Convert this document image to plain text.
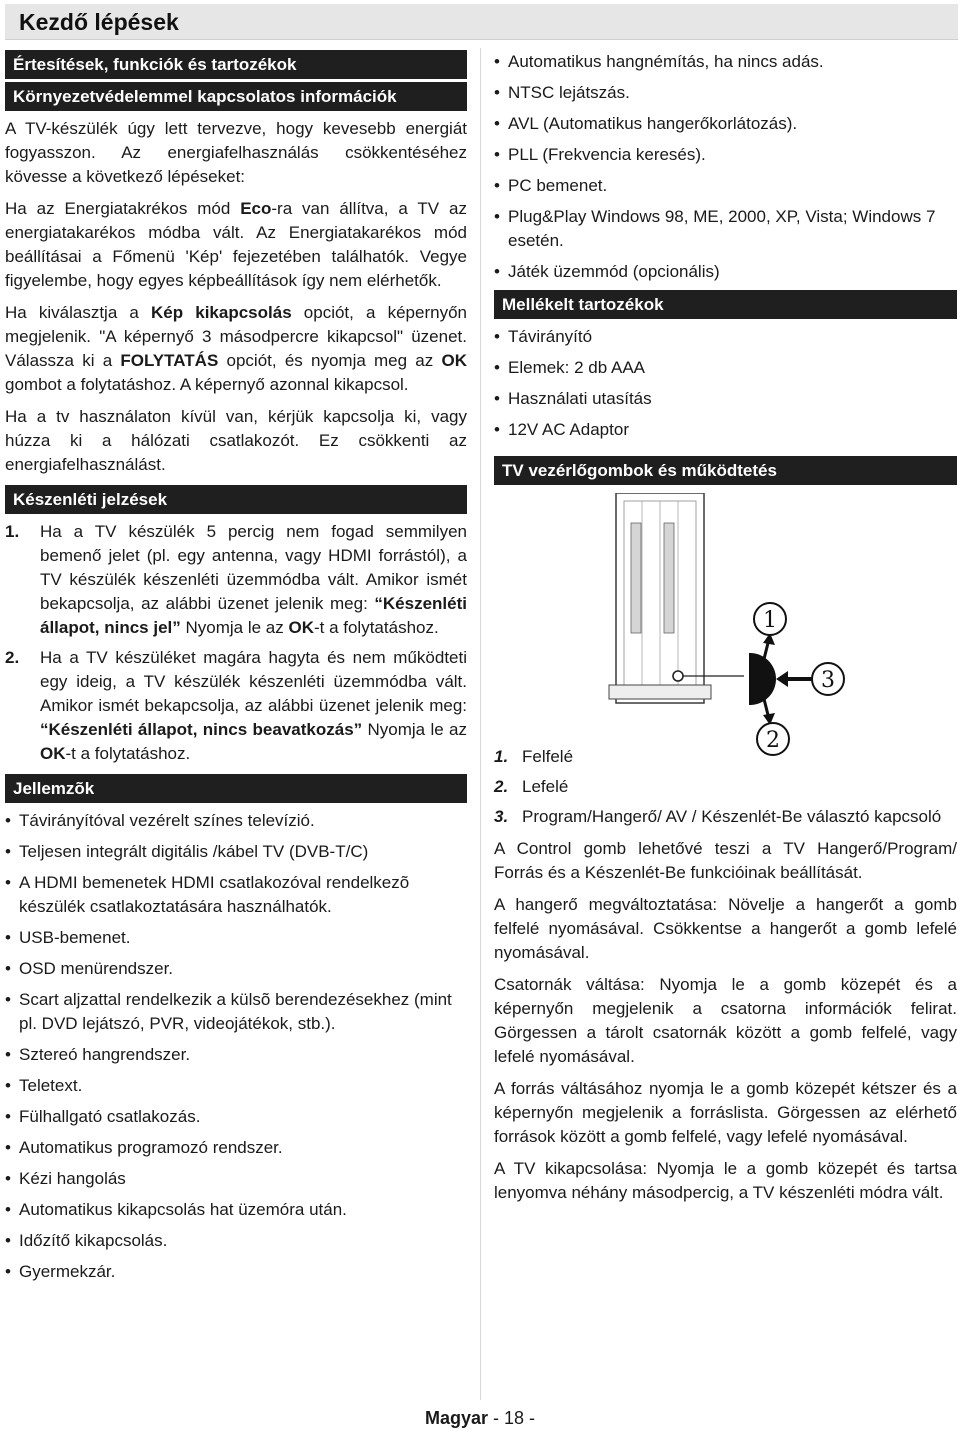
Kezdő lépések
Értesítések, funkciók és tartozékok
Környezetvédelemmel kapcsolatos információk

A TV-készülék úgy lett tervezve, hogy kevesebb energiát fogyasszon. Az energiafelhasználás csökkentéséhez kövesse a következő lépéseket:

Ha az Energiatakrékos mód Eco-ra van állítva, a TV az energiatakarékos módba vált. Az Energiatakarékos mód beállításai a Főmenü 'Kép' fejezetében találhatók. Vegye figyelembe, hogy egyes képbeállítások így nem elérhetők.

Ha kiválasztja a Kép kikapcsolás opciót, a képernyőn megjelenik. "A képernyő 3 másodpercre kikapcsol" üzenet. Válassza ki a FOLYTATÁS opciót, és nyomja meg az OK gombot a folytatáshoz. A képernyő azonnal kikapcsol.

Ha a tv használaton kívül van, kérjük kapcsolja ki, vagy húzza ki a hálózati csatlakozót. Ez csökkenti az energiafelhasználást.

Készenléti jelzések
1. Ha a TV készülék 5 percig nem fogad semmilyen bemenő jelet (pl. egy antenna, vagy HDMI forrástól), a TV készülék készenléti üzemmódba vált. Amikor ismét bekapcsolja, az alábbi üzenet jelenik meg: “Készenléti állapot, nincs jel” Nyomja le az OK-t a folytatáshoz.
2. Ha a TV készüléket magára hagyta és nem működteti egy ideig, a TV készülék készenléti üzemmódba vált. Amikor ismét bekapcsolja, az alábbi üzenet jelenik meg: “Készenléti állapot, nincs beavatkozás” Nyomja le az OK-t a folytatáshoz.
Jellemzõk
• Távirányítóval vezérelt színes televízió.
• Teljesen integrált digitális /kábel TV (DVB-T/C)
• A HDMI bemenetek HDMI csatlakozóval rendelkezõ készülék csatlakoztatására használhatók.
• USB-bemenet.
• OSD menürendszer.
• Scart aljzattal rendelkezik a külsõ berendezésekhez (mint pl. DVD lejátszó, PVR, videojátékok, stb.).
• Sztereó hangrendszer.
• Teletext.
• Fülhallgató csatlakozás.
• Automatikus programozó rendszer.
• Kézi hangolás
• Automatikus kikapcsolás hat üzemóra után.
• Időzítő kikapcsolás.
• Gyermekzár.
• Automatikus hangnémítás, ha nincs adás.
• NTSC lejátszás.
• AVL (Automatikus hangerőkorlátozás).
• PLL (Frekvencia keresés).
• PC bemenet.
• Plug&Play Windows 98, ME, 2000, XP, Vista; Windows 7 esetén.
• Játék üzemmód (opcionális)
Mellékelt tartozékok
• Távirányító
• Elemek: 2 db AAA
• Használati utasítás
• 12V AC Adaptor
TV vezérlőgombok és működtetés
1
2
3
1. Felfelé
2. Lefelé
3. Program/Hangerő/ AV / Készenlét-Be választó kapcsoló

A Control gomb lehetővé teszi a TV Hangerő/Program/ Forrás és a Készenlét-Be funkcióinak beállítását.

A hangerő megváltoztatása: Növelje a hangerőt a gomb felfelé nyomásával. Csökkentse a hangerőt a gomb lefelé nyomásával.

Csatornák váltása: Nyomja le a gomb közepét és a képernyőn megjelenik a csatorna információk felirat. Görgessen a tárolt csatornák között a gomb felfelé, vagy lefelé nyomásával.

A forrás váltásához nyomja le a gomb közepét kétszer és a képernyőn megjelenik a forráslista. Görgessen az elérhető források között a gomb felfelé, vagy lefelé nyomásával.

A TV kikapcsolása: Nyomja le a gomb közepét és tartsa lenyomva néhány másodpercig, a TV készenléti módra vált.

Magyar - 18 -
